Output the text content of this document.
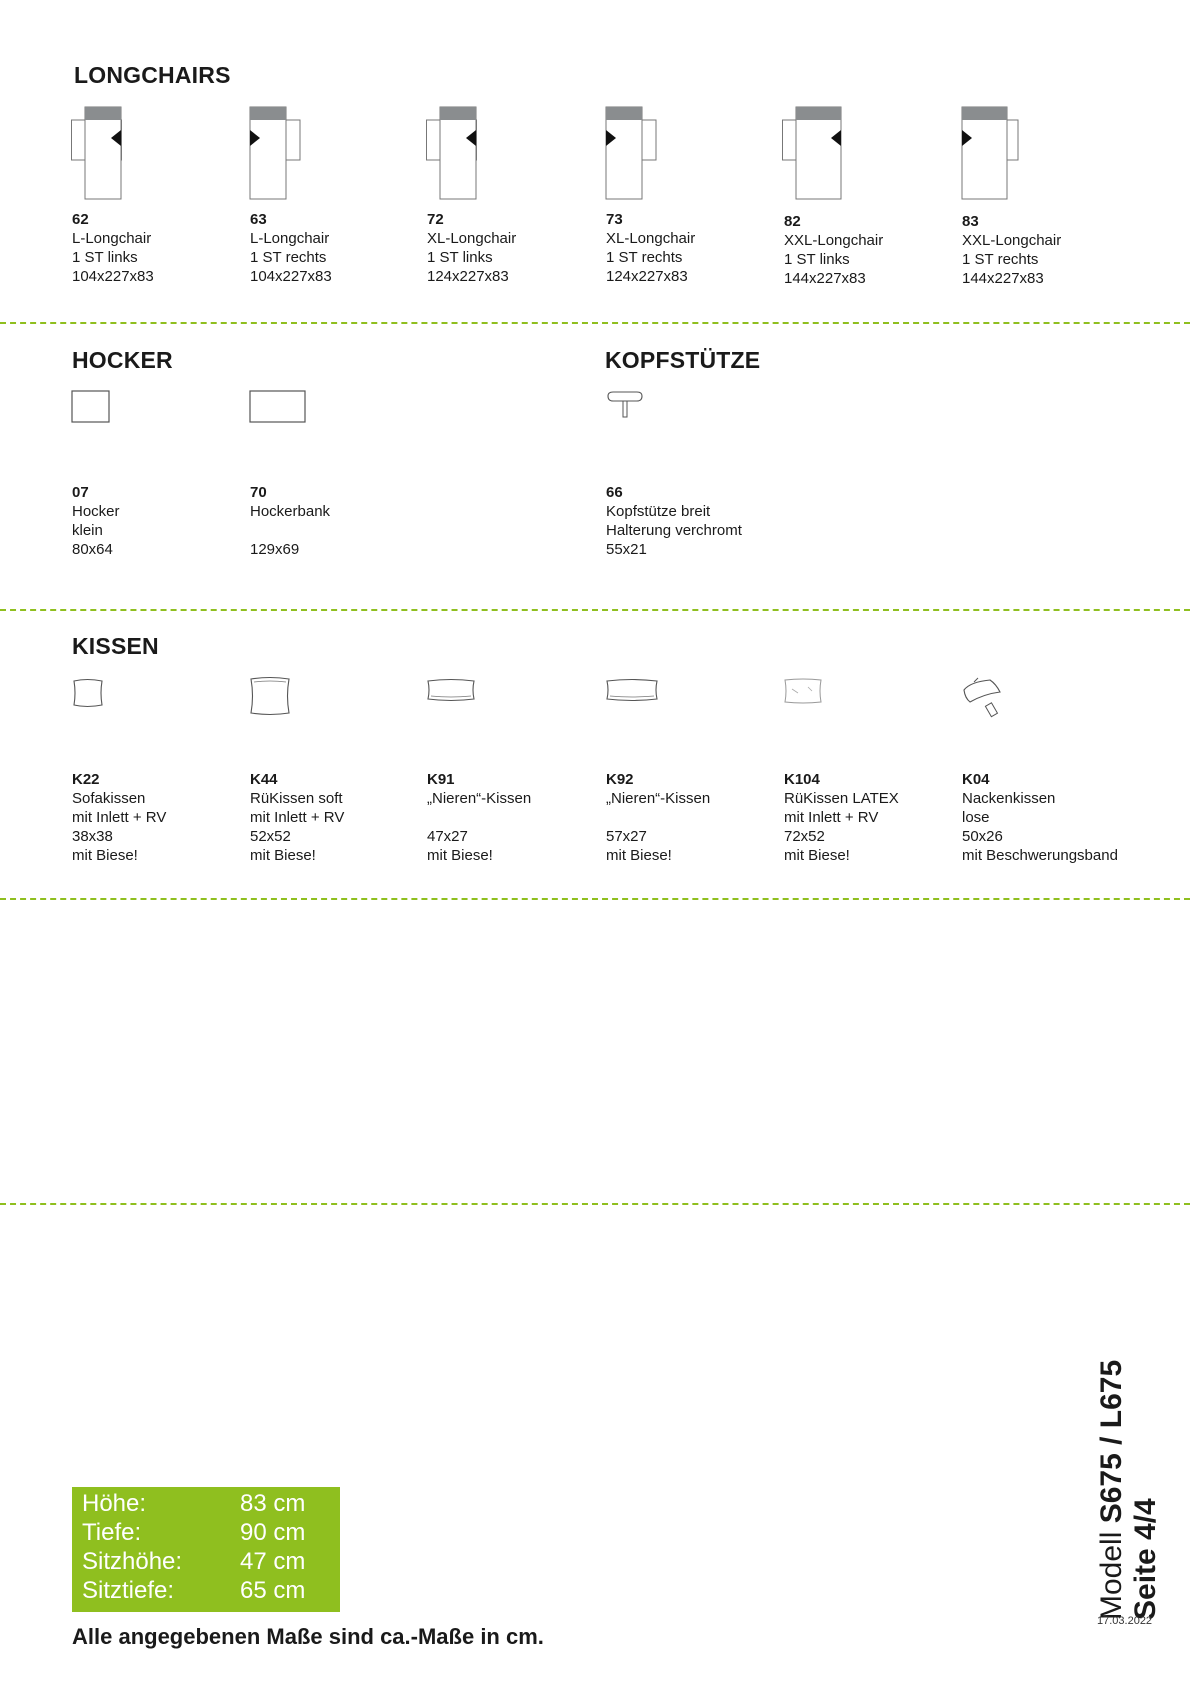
LONGCHAIRS
62
L-Longchair
1 ST links
104x227x83
63
L-Longchair
1 ST rechts
104x227x83
72
XL-Longchair
1 ST links
124x227x83
73
XL-Longchair
1 ST rechts
124x227x83
82
XXL-Longchair
1 ST links
144x227x83
83
XXL-Longchair
1 ST rechts
144x227x83
HOCKER	KOPFSTÜTZE
07
Hocker
klein
80x64
70
Hockerbank
129x69
66
Kopfstütze breit
Halterung verchromt
55x21
KISSEN
K22
Sofakissen
mit Inlett + RV
38x38
mit Biese!
K44
RüKissen soft
mit Inlett + RV
52x52
mit Biese!
K91
„Nieren“-Kissen
47x27
mit Biese!
K92
„Nieren“-Kissen
57x27
mit Biese!
K104
RüKissen LATEX
mit Inlett + RV
72x52
mit Biese!
K04
Nackenkissen
lose
50x26
mit Beschwerungsband
Höhe:	83 cm
Tiefe:	90 cm
Sitzhöhe: 47 cm
Sitztiefe:	65 cm
Alle angegebenen Maße sind ca.-Maße in cm.
Modell S675 / L675
Seite 4/4
17.03.2022
